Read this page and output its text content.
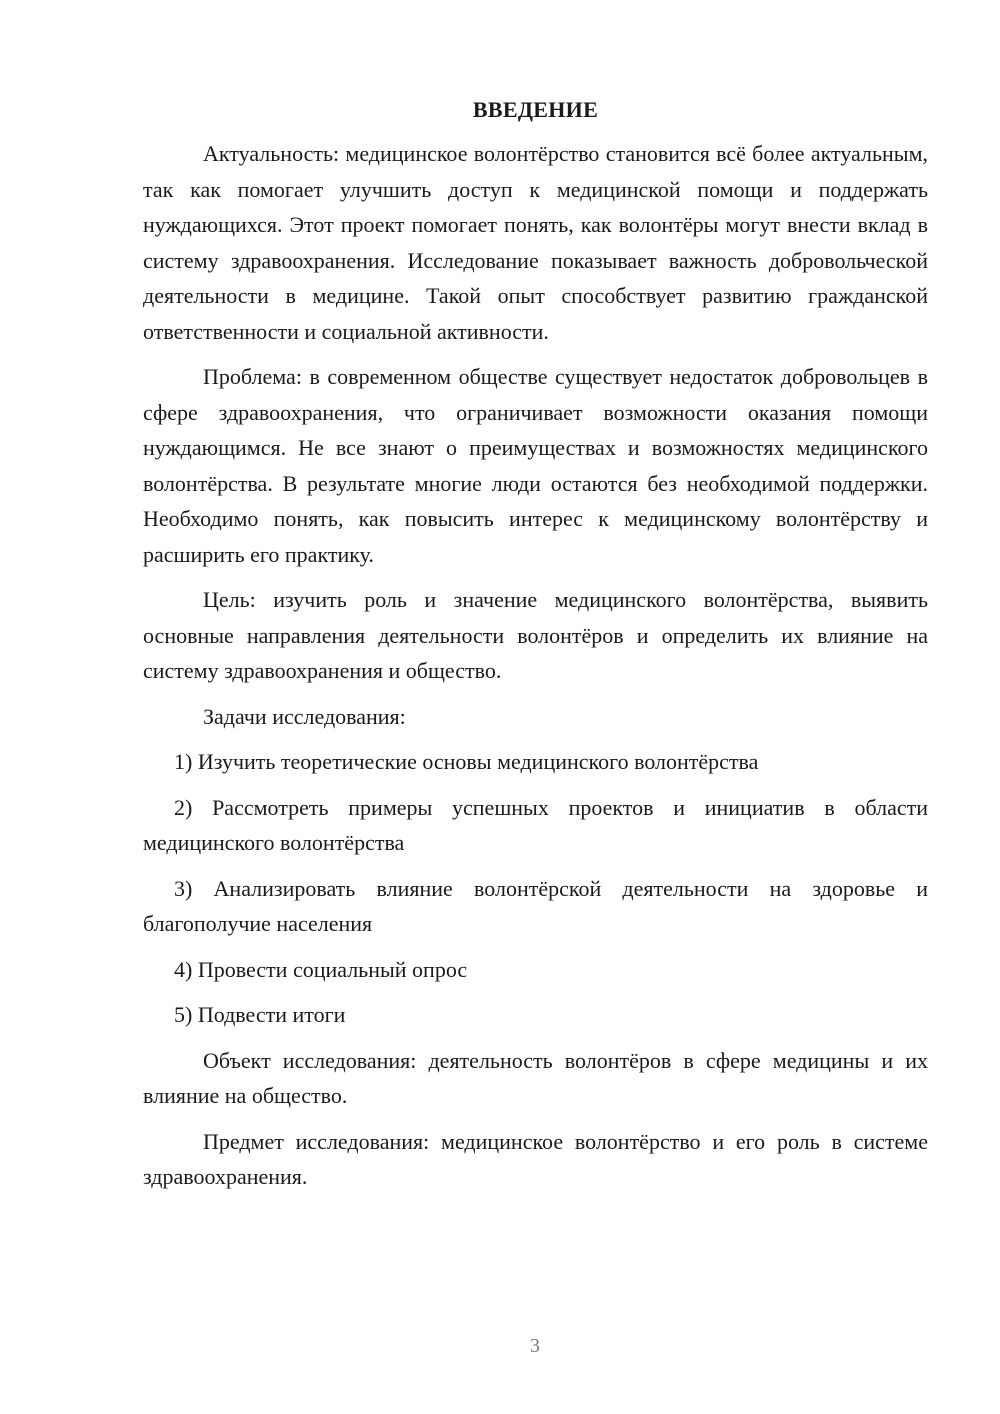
ВВЕДЕНИЕ

Актуальность: медицинское волонтёрство становится всё более актуальным, так как помогает улучшить доступ к медицинской помощи и поддержать нуждающихся. Этот проект помогает понять, как волонтёры могут внести вклад в систему здравоохранения. Исследование показывает важность добровольческой деятельности в медицине. Такой опыт способствует развитию гражданской ответственности и социальной активности.

Проблема: в современном обществе существует недостаток добровольцев в сфере здравоохранения, что ограничивает возможности оказания помощи нуждающимся. Не все знают о преимуществах и возможностях медицинского волонтёрства. В результате многие люди остаются без необходимой поддержки. Необходимо понять, как повысить интерес к медицинскому волонтёрству и расширить его практику.

Цель: изучить роль и значение медицинского волонтёрства, выявить основные направления деятельности волонтёров и определить их влияние на систему здравоохранения и общество.

Задачи исследования:

1) Изучить теоретические основы медицинского волонтёрства

2) Рассмотреть примеры успешных проектов и инициатив в области медицинского волонтёрства

3) Анализировать влияние волонтёрской деятельности на здоровье и благополучие населения

4) Провести социальный опрос

5) Подвести итоги

Объект исследования: деятельность волонтёров в сфере медицины и их влияние на общество.

Предмет исследования: медицинское волонтёрство и его роль в системе здравоохранения.

3
